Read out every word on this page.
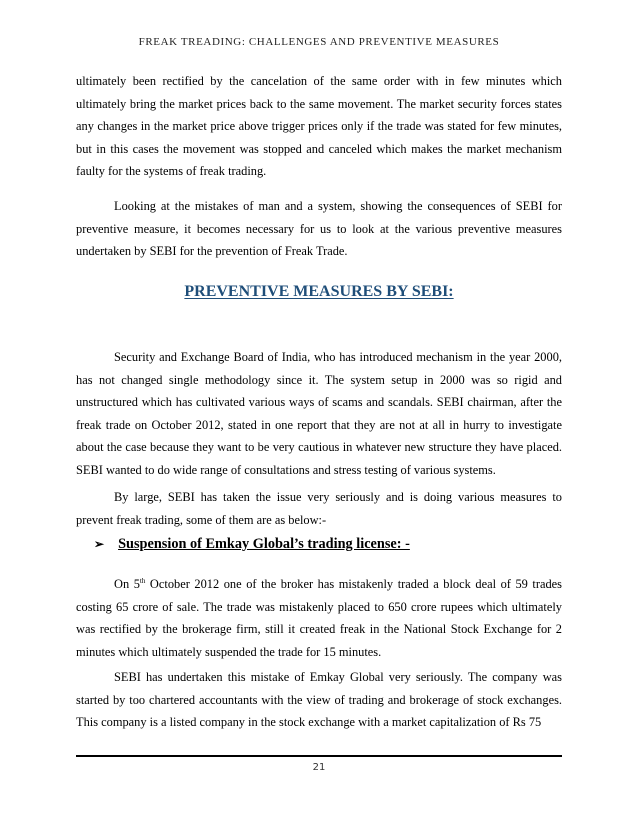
FREAK TREADING: CHALLENGES AND PREVENTIVE MEASURES

ultimately been rectified by the cancelation of the same order with in few minutes which ultimately bring the market prices back to the same movement. The market security forces states any changes in the market price above trigger prices only if the trade was stated for few minutes, but in this cases the movement was stopped and canceled which makes the market mechanism faulty for the systems of freak trading.

Looking at the mistakes of man and a system, showing the consequences of SEBI for preventive measure, it becomes necessary for us to look at the various preventive measures undertaken by SEBI for the prevention of Freak Trade.

PREVENTIVE MEASURES BY SEBI:

Security and Exchange Board of India, who has introduced mechanism in the year 2000, has not changed single methodology since it. The system setup in 2000 was so rigid and unstructured which has cultivated various ways of scams and scandals. SEBI chairman, after the freak trade on October 2012, stated in one report that they are not at all in hurry to investigate about the case because they want to be very cautious in whatever new structure they have placed. SEBI wanted to do wide range of consultations and stress testing of various systems.

By large, SEBI has taken the issue very seriously and is doing various measures to prevent freak trading, some of them are as below:-

➢ Suspension of Emkay Global’s trading license: -

On 5th October 2012 one of the broker has mistakenly traded a block deal of 59 trades costing 65 crore of sale. The trade was mistakenly placed to 650 crore rupees which ultimately was rectified by the brokerage firm, still it created freak in the National Stock Exchange for 2 minutes which ultimately suspended the trade for 15 minutes.

SEBI has undertaken this mistake of Emkay Global very seriously. The company was started by too chartered accountants with the view of trading and brokerage of stock exchanges. This company is a listed company in the stock exchange with a market capitalization of Rs 75

21
